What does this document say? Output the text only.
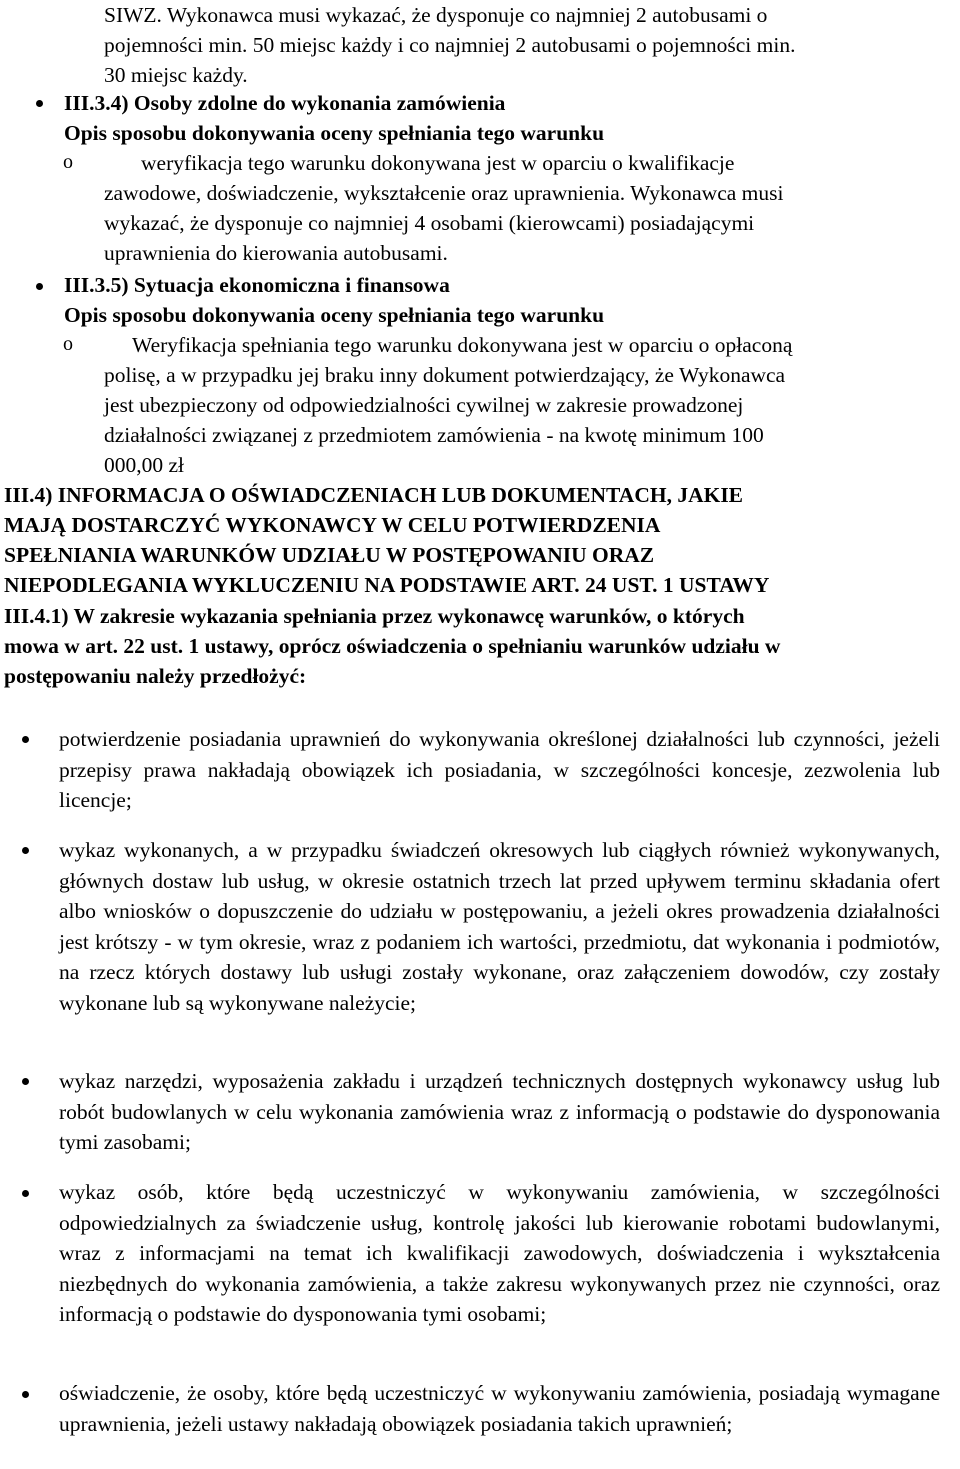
SIWZ. Wykonawca musi wykazać, że dysponuje co najmniej 2 autobusami o
pojemności min. 50 miejsc każdy i co najmniej 2 autobusami o pojemności min.
30 miejsc każdy.
III.3.4) Osoby zdolne do wykonania zamówienia
Opis sposobu dokonywania oceny spełniania tego warunku
o	weryfikacja tego warunku dokonywana jest w oparciu o kwalifikacje
zawodowe, doświadczenie, wykształcenie oraz uprawnienia. Wykonawca musi
wykazać, że dysponuje co najmniej 4 osobami (kierowcami) posiadającymi
uprawnienia do kierowania autobusami.
III.3.5) Sytuacja ekonomiczna i finansowa
Opis sposobu dokonywania oceny spełniania tego warunku
o	Weryfikacja spełniania tego warunku dokonywana jest w oparciu o opłaconą
polisę, a w przypadku jej braku inny dokument potwierdzający, że Wykonawca
jest ubezpieczony od odpowiedzialności cywilnej w zakresie prowadzonej
działalności związanej z przedmiotem zamówienia - na kwotę minimum 100
000,00 zł
III.4) INFORMACJA O OŚWIADCZENIACH LUB DOKUMENTACH, JAKIE
MAJĄ DOSTARCZYĆ WYKONAWCY W CELU POTWIERDZENIA
SPEŁNIANIA WARUNKÓW UDZIAŁU W POSTĘPOWANIU ORAZ
NIEPODLEGANIA WYKLUCZENIU NA PODSTAWIE ART. 24 UST. 1 USTAWY
III.4.1) W zakresie wykazania spełniania przez wykonawcę warunków, o których
mowa w art. 22 ust. 1 ustawy, oprócz oświadczenia o spełnianiu warunków udziału w
postępowaniu należy przedłożyć:
potwierdzenie posiadania uprawnień do wykonywania określonej działalności lub czynności, jeżeli przepisy prawa nakładają obowiązek ich posiadania, w szczególności koncesje, zezwolenia lub licencje;
wykaz wykonanych, a w przypadku świadczeń okresowych lub ciągłych również wykonywanych, głównych dostaw lub usług, w okresie ostatnich trzech lat przed upływem terminu składania ofert albo wniosków o dopuszczenie do udziału w postępowaniu, a jeżeli okres prowadzenia działalności jest krótszy - w tym okresie, wraz z podaniem ich wartości, przedmiotu, dat wykonania i podmiotów, na rzecz których dostawy lub usługi zostały wykonane, oraz załączeniem dowodów, czy zostały wykonane lub są wykonywane należycie;
wykaz narzędzi, wyposażenia zakładu i urządzeń technicznych dostępnych wykonawcy usług lub robót budowlanych w celu wykonania zamówienia wraz z informacją o podstawie do dysponowania tymi zasobami;
wykaz osób, które będą uczestniczyć w wykonywaniu zamówienia, w szczególności odpowiedzialnych za świadczenie usług, kontrolę jakości lub kierowanie robotami budowlanymi, wraz z informacjami na temat ich kwalifikacji zawodowych, doświadczenia i wykształcenia niezbędnych do wykonania zamówienia, a także zakresu wykonywanych przez nie czynności, oraz informacją o podstawie do dysponowania tymi osobami;
oświadczenie, że osoby, które będą uczestniczyć w wykonywaniu zamówienia, posiadają wymagane uprawnienia, jeżeli ustawy nakładają obowiązek posiadania takich uprawnień;
